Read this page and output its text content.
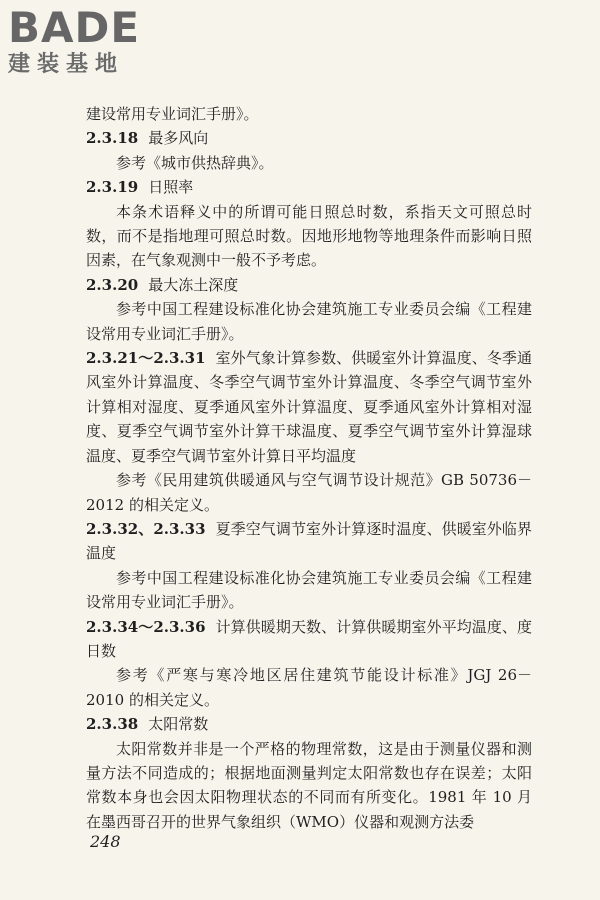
BADE
建装基地
建设常用专业词汇手册》。
2.3.18 最多风向
参考《城市供热辞典》。
2.3.19 日照率
本条术语释义中的所谓可能日照总时数，系指天文可照总时数，而不是指地理可照总时数。因地形地物等地理条件而影响日照因素，在气象观测中一般不予考虑。
2.3.20 最大冻土深度
参考中国工程建设标准化协会建筑施工专业委员会编《工程建设常用专业词汇手册》。
2.3.21～2.3.31 室外气象计算参数、供暖室外计算温度、冬季通风室外计算温度、冬季空气调节室外计算温度、冬季空气调节室外计算相对湿度、夏季通风室外计算温度、夏季通风室外计算相对湿度、夏季空气调节室外计算干球温度、夏季空气调节室外计算湿球温度、夏季空气调节室外计算日平均温度
参考《民用建筑供暖通风与空气调节设计规范》GB 50736－2012 的相关定义。
2.3.32、2.3.33 夏季空气调节室外计算逐时温度、供暖室外临界温度
参考中国工程建设标准化协会建筑施工专业委员会编《工程建设常用专业词汇手册》。
2.3.34～2.3.36 计算供暖期天数、计算供暖期室外平均温度、度日数
参考《严寒与寒冷地区居住建筑节能设计标准》JGJ 26－2010 的相关定义。
2.3.38 太阳常数
太阳常数并非是一个严格的物理常数，这是由于测量仪器和测量方法不同造成的；根据地面测量判定太阳常数也存在误差；太阳常数本身也会因太阳物理状态的不同而有所变化。1981 年 10 月在墨西哥召开的世界气象组织（WMO）仪器和观测方法委
248
